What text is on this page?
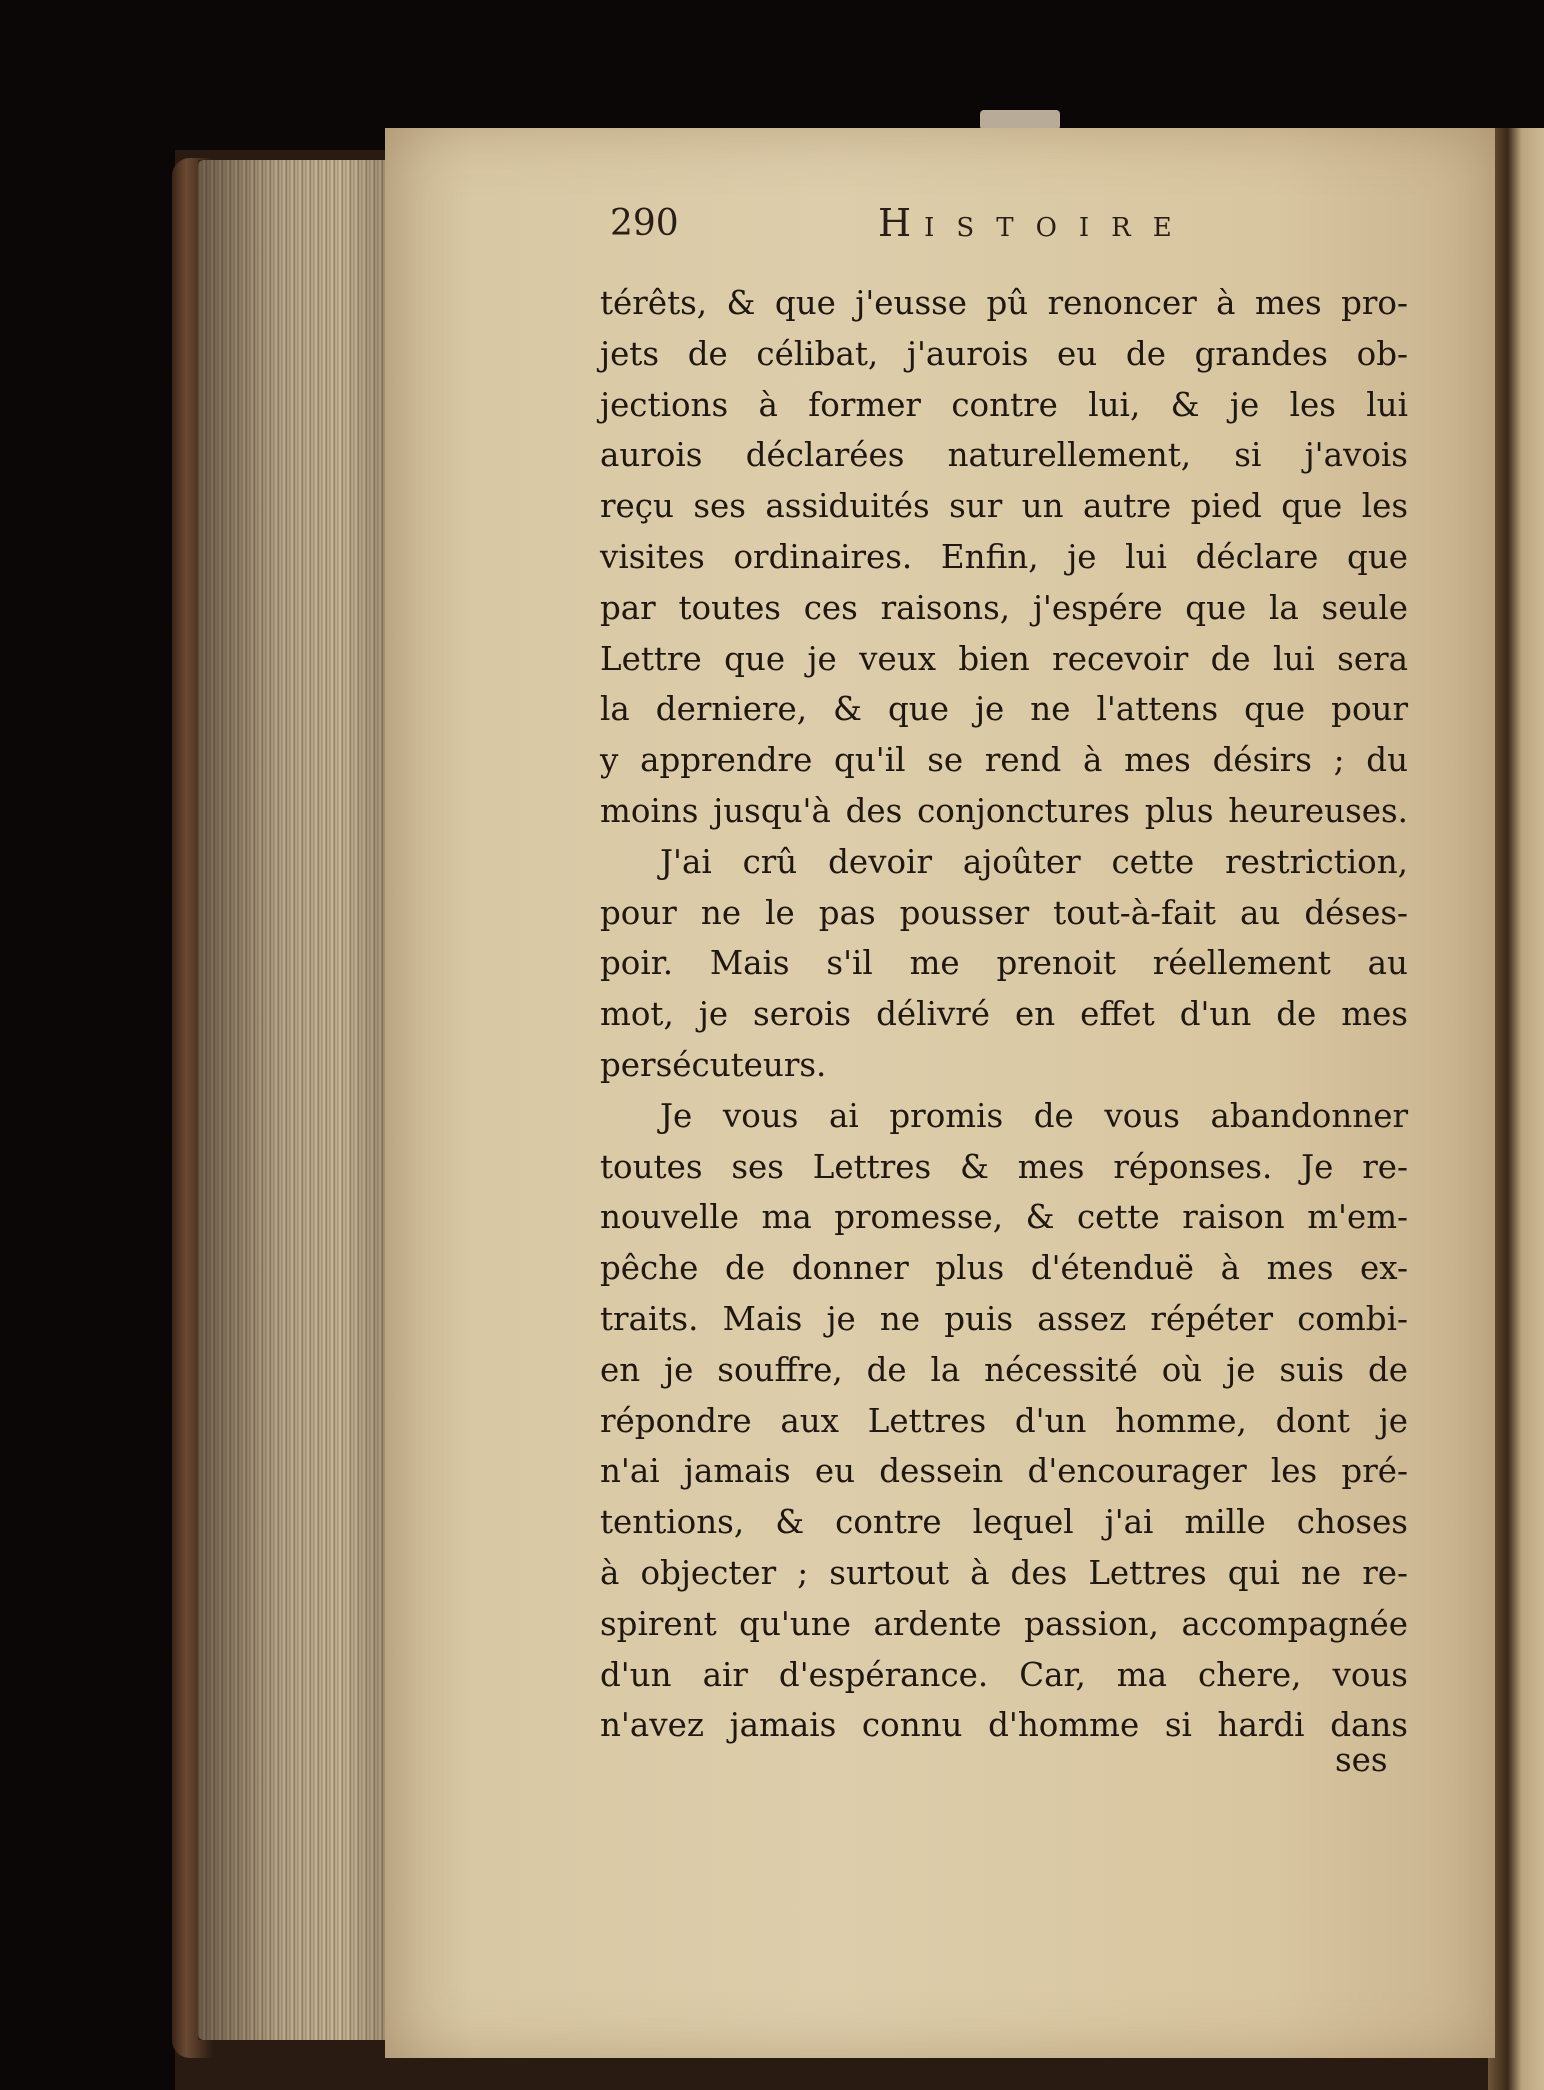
290	HISTOIRE
térêts, & que j'eusse pû renoncer à mes pro-
jets de célibat, j'aurois eu de grandes ob-
jections à former contre lui, & je les lui
aurois déclarées naturellement, si j'avois
reçu ses assiduités sur un autre pied que les
visites ordinaires. Enfin, je lui déclare que
par toutes ces raisons, j'espére que la seule
Lettre que je veux bien recevoir de lui sera
la derniere, & que je ne l'attens que pour
y apprendre qu'il se rend à mes désirs ; du
moins jusqu'à des conjonctures plus heureuses.
J'ai crû devoir ajoûter cette restriction,
pour ne le pas pousser tout-à-fait au déses-
poir. Mais s'il me prenoit réellement au
mot, je serois délivré en effet d'un de mes
persécuteurs.
Je vous ai promis de vous abandonner
toutes ses Lettres & mes réponses. Je re-
nouvelle ma promesse, & cette raison m'em-
pêche de donner plus d'étenduë à mes ex-
traits. Mais je ne puis assez répéter combi-
en je souffre, de la nécessité où je suis de
répondre aux Lettres d'un homme, dont je
n'ai jamais eu dessein d'encourager les pré-
tentions, & contre lequel j'ai mille choses
à objecter ; surtout à des Lettres qui ne re-
spirent qu'une ardente passion, accompagnée
d'un air d'espérance. Car, ma chere, vous
n'avez jamais connu d'homme si hardi dans
ses
